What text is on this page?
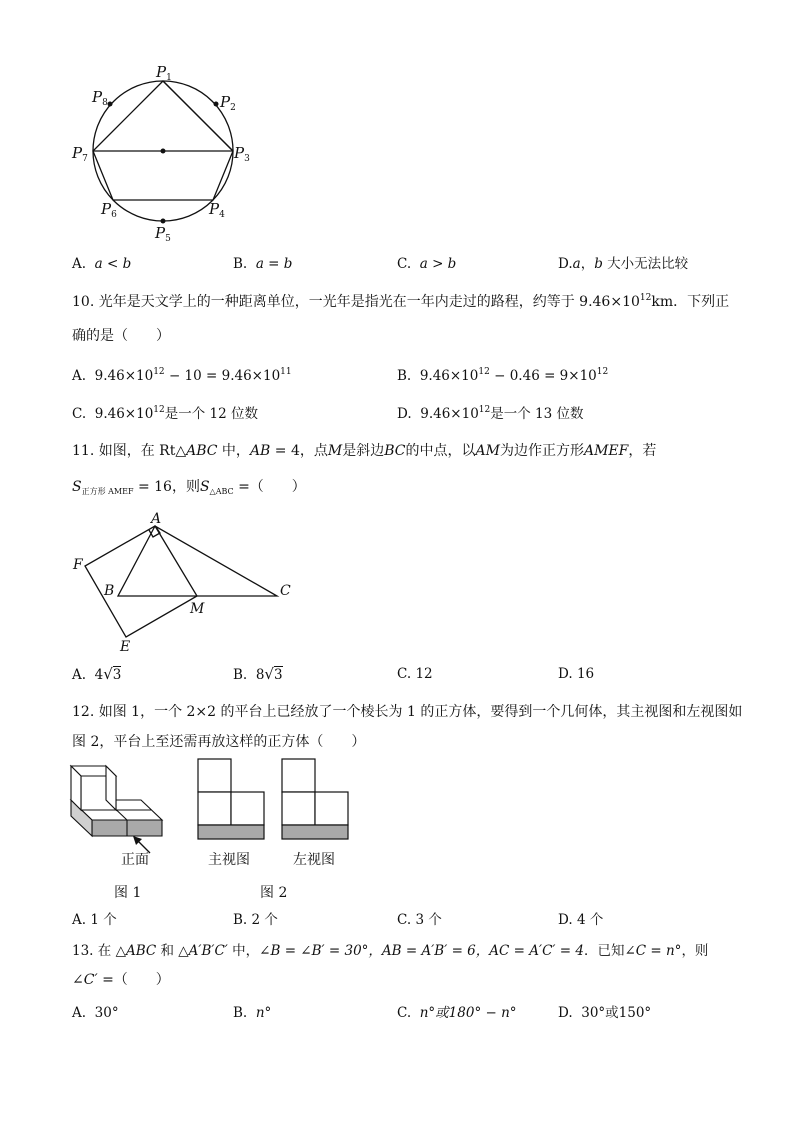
$P_1$
$P_2$
$P_3$
$P_4$
$P_5$
$P_6$
$P_7$
$P_8$
A. a < b	B. a = b	C. a > b	D.a，b 大小无法比较
10. 光年是天文学上的一种距离单位，一光年是指光在一年内走过的路程，约等于 $9.46\times 10^{12}km$．下列正
确的是（　　）
A. $9.46\times 10^{12} - 10 = 9.46\times 10^{11}$	B. $9.46\times 10^{12} - 0.46 = 9\times 10^{12}$
C. $9.46\times 10^{12}$是一个 12 位数	D. $9.46\times 10^{12}$是一个 13 位数
11. 如图，在 Rt△ABC 中，AB = 4，点M是斜边BC的中点，以AM为边作正方形AMEF，若
$S_{正方形 AMEF} = 16$，则$S_{\triangle ABC}$ =（　　）
A
B	C
E
F
M
A. 4√3	B. 8√3	C. 12	D. 16
12. 如图 1，一个 2×2 的平台上已经放了一个棱长为 1 的正方体，要得到一个几何体，其主视图和左视图如
图 2，平台上至还需再放这样的正方体（　　）
正面	主视图	左视图
图 1	图 2
A. 1 个	B. 2 个	C. 3 个	D. 4 个
13. 在 △ABC 和 △A′B′C′ 中，∠B = ∠B′ = 30°，AB = A′B′ = 6，AC = A′C′ = 4．已知∠C = n°，则
∠C′ =（　　）
A. 30°	B. n°	C. n°或180° − n°	D. 30°或150°
